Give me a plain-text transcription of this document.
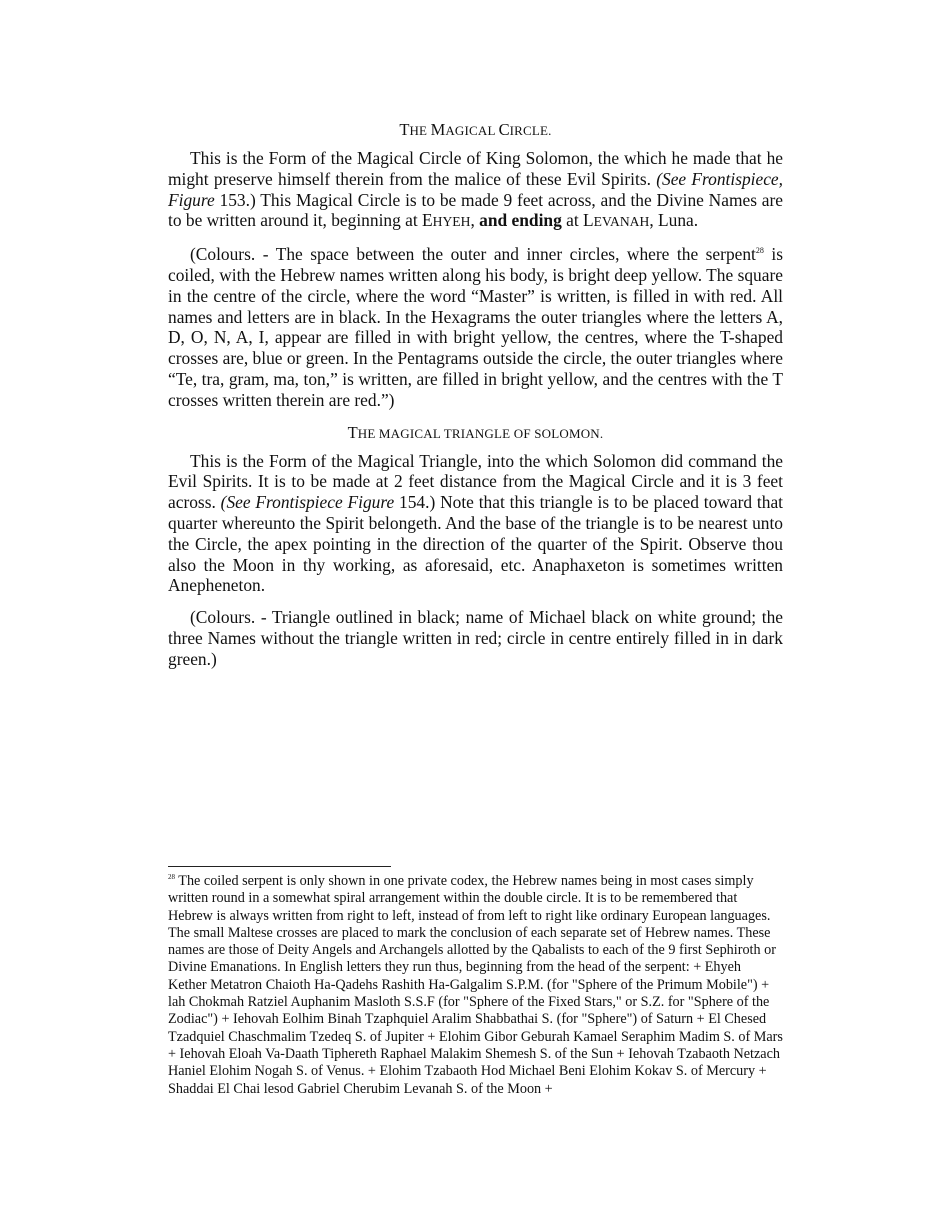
THE MAGICAL CIRCLE.

This is the Form of the Magical Circle of King Solomon, the which he made that he might preserve himself therein from the malice of these Evil Spirits. (See Frontispiece, Figure 153.) This Magical Circle is to be made 9 feet across, and the Divine Names are to be written around it, beginning at EHYEH, and ending at LEVANAH, Luna.

(Colours. - The space between the outer and inner circles, where the serpent$^{28}$ is coiled, with the Hebrew names written along his body, is bright deep yellow. The square in the centre of the circle, where the word “Master” is written, is filled in with red. All names and letters are in black. In the Hexagrams the outer triangles where the letters A, D, O, N, A, I, appear are filled in with bright yellow, the centres, where the T-shaped crosses are, blue or green. In the Pentagrams outside the circle, the outer triangles where “Te, tra, gram, ma, ton,” is written, are filled in bright yellow, and the centres with the T crosses written therein are red.”)

THE MAGICAL TRIANGLE OF SOLOMON.

This is the Form of the Magical Triangle, into the which Solomon did command the Evil Spirits. It is to be made at 2 feet distance from the Magical Circle and it is 3 feet across. (See Frontispiece Figure 154.) Note that this triangle is to be placed toward that quarter whereunto the Spirit belongeth. And the base of the triangle is to be nearest unto the Circle, the apex pointing in the direction of the quarter of the Spirit. Observe thou also the Moon in thy working, as aforesaid, etc. Anaphaxeton is sometimes written Anepheneton.

(Colours. - Triangle outlined in black; name of Michael black on white ground; the three Names without the triangle written in red; circle in centre entirely filled in in dark green.)

$^{28}$ The coiled serpent is only shown in one private codex, the Hebrew names being in most cases simply written round in a somewhat spiral arrangement within the double circle. It is to be remembered that Hebrew is always written from right to left, instead of from left to right like ordinary European languages. The small Maltese crosses are placed to mark the conclusion of each separate set of Hebrew names. These names are those of Deity Angels and Archangels allotted by the Qabalists to each of the 9 first Sephiroth or Divine Emanations. In English letters they run thus, beginning from the head of the serpent: + Ehyeh Kether Metatron Chaioth Ha-Qadehs Rashith Ha-Galgalim S.P.M. (for "Sphere of the Primum Mobile") + lah Chokmah Ratziel Auphanim Masloth S.S.F (for "Sphere of the Fixed Stars," or S.Z. for "Sphere of the Zodiac") + Iehovah Eolhim Binah Tzaphquiel Aralim Shabbathai S. (for "Sphere") of Saturn + El Chesed Tzadquiel Chaschmalim Tzedeq S. of Jupiter + Elohim Gibor Geburah Kamael Seraphim Madim S. of Mars + Iehovah Eloah Va-Daath Tiphereth Raphael Malakim Shemesh S. of the Sun + Iehovah Tzabaoth Netzach Haniel Elohim Nogah S. of Venus. + Elohim Tzabaoth Hod Michael Beni Elohim Kokav S. of Mercury + Shaddai El Chai lesod Gabriel Cherubim Levanah S. of the Moon +
